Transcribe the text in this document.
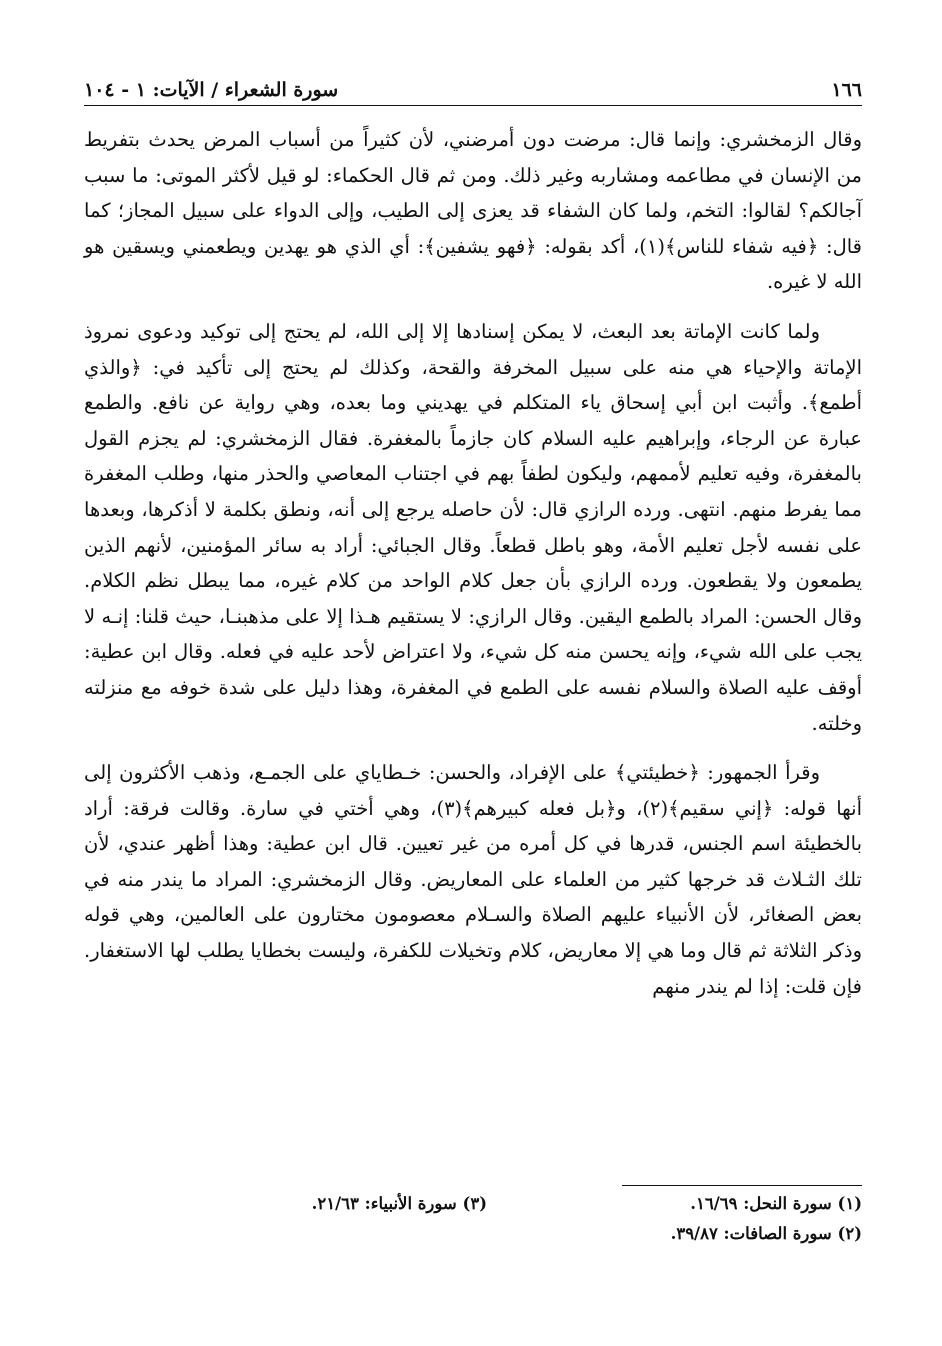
١٦٦
سورة الشعراء / الآيات: ١ - ١٠٤

وقال الزمخشري: وإنما قال: مرضت دون أمرضني، لأن كثيراً من أسباب المرض يحدث بتفريط من الإنسان في مطاعمه ومشاربه وغير ذلك. ومن ثم قال الحكماء: لو قيل لأكثر الموتى: ما سبب آجالكم؟ لقالوا: التخم، ولما كان الشفاء قد يعزى إلى الطيب، وإلى الدواء على سبيل المجاز؛ كما قال: ﴿فيه شفاء للناس﴾(١)، أكد بقوله: ﴿فهو يشفين﴾: أي الذي هو يهدين ويطعمني ويسقين هو الله لا غيره.

ولما كانت الإماتة بعد البعث، لا يمكن إسنادها إلا إلى الله، لم يحتج إلى توكيد ودعوى نمروذ الإماتة والإحياء هي منه على سبيل المخرفة والقحة، وكذلك لم يحتج إلى تأكيد في: ﴿والذي أطمع﴾. وأثبت ابن أبي إسحاق ياء المتكلم في يهديني وما بعده، وهي رواية عن نافع. والطمع عبارة عن الرجاء، وإبراهيم عليه السلام كان جازماً بالمغفرة. فقال الزمخشري: لم يجزم القول بالمغفرة، وفيه تعليم لأممهم، وليكون لطفاً بهم في اجتناب المعاصي والحذر منها، وطلب المغفرة مما يفرط منهم. انتهى. ورده الرازي قال: لأن حاصله يرجع إلى أنه، ونطق بكلمة لا أذكرها، وبعدها على نفسه لأجل تعليم الأمة، وهو باطل قطعاً. وقال الجبائي: أراد به سائر المؤمنين، لأنهم الذين يطمعون ولا يقطعون. ورده الرازي بأن جعل كلام الواحد من كلام غيره، مما يبطل نظم الكلام. وقال الحسن: المراد بالطمع اليقين. وقال الرازي: لا يستقيم هـذا إلا على مذهبنـا، حيث قلنا: إنـه لا يجب على الله شيء، وإنه يحسن منه كل شيء، ولا اعتراض لأحد عليه في فعله. وقال ابن عطية: أوقف عليه الصلاة والسلام نفسه على الطمع في المغفرة، وهذا دليل على شدة خوفه مع منزلته وخلته.

وقرأ الجمهور: ﴿خطيئتي﴾ على الإفراد، والحسن: خـطاياي على الجمـع، وذهب الأكثرون إلى أنها قوله: ﴿إني سقيم﴾(٢)، و﴿بل فعله كبيرهم﴾(٣)، وهي أختي في سارة. وقالت فرقة: أراد بالخطيئة اسم الجنس، قدرها في كل أمره من غير تعيين. قال ابن عطية: وهذا أظهر عندي، لأن تلك الثـلاث قد خرجها كثير من العلماء على المعاريض. وقال الزمخشري: المراد ما يندر منه في بعض الصغائر، لأن الأنبياء عليهم الصلاة والسـلام معصومون مختارون على العالمين، وهي قوله وذكر الثلاثة ثم قال وما هي إلا معاريض، كلام وتخيلات للكفرة، وليست بخطايا يطلب لها الاستغفار. فإن قلت: إذا لم يندر منهم

(١) سورة النحل: ١٦/٦٩.
(٢) سورة الصافات: ٣٩/٨٧.
(٣) سورة الأنبياء: ٢١/٦٣.
